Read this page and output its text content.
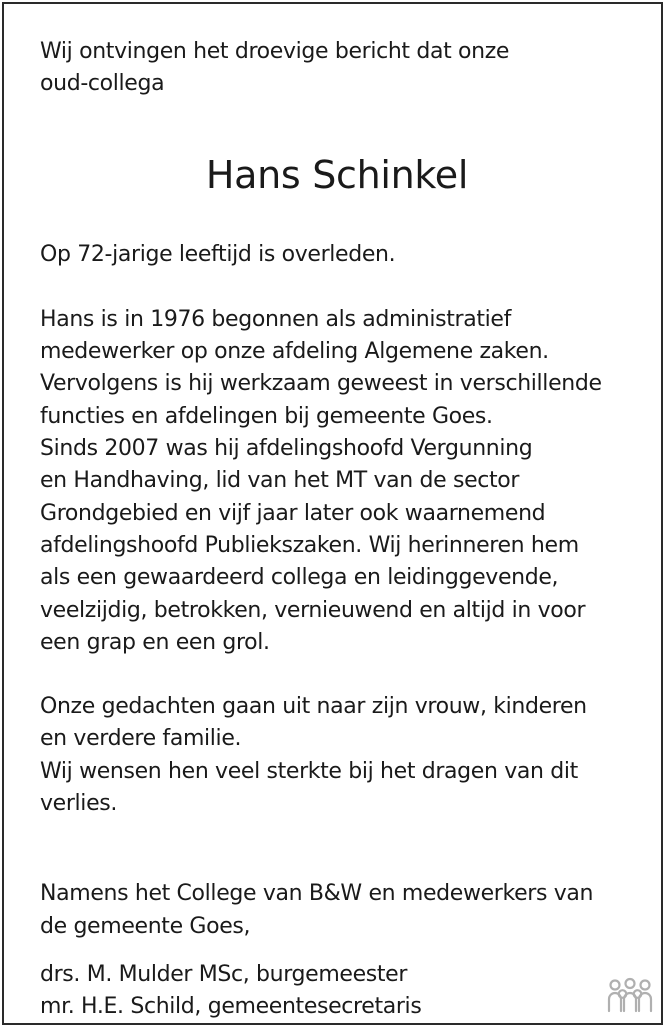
Wij ontvingen het droevige bericht dat onze
oud-collega

Hans Schinkel

Op 72-jarige leeftijd is overleden.

Hans is in 1976 begonnen als administratief
medewerker op onze afdeling Algemene zaken.
Vervolgens is hij werkzaam geweest in verschillende
functies en afdelingen bij gemeente Goes.
Sinds 2007 was hij afdelingshoofd Vergunning
en Handhaving, lid van het MT van de sector
Grondgebied en vijf jaar later ook waarnemend
afdelingshoofd Publiekszaken. Wij herinneren hem
als een gewaardeerd collega en leidinggevende,
veelzijdig, betrokken, vernieuwend en altijd in voor
een grap en een grol.

Onze gedachten gaan uit naar zijn vrouw, kinderen
en verdere familie.
Wij wensen hen veel sterkte bij het dragen van dit
verlies.

Namens het College van B&W en medewerkers van
de gemeente Goes,

drs. M. Mulder MSc, burgemeester
mr. H.E. Schild, gemeentesecretaris
